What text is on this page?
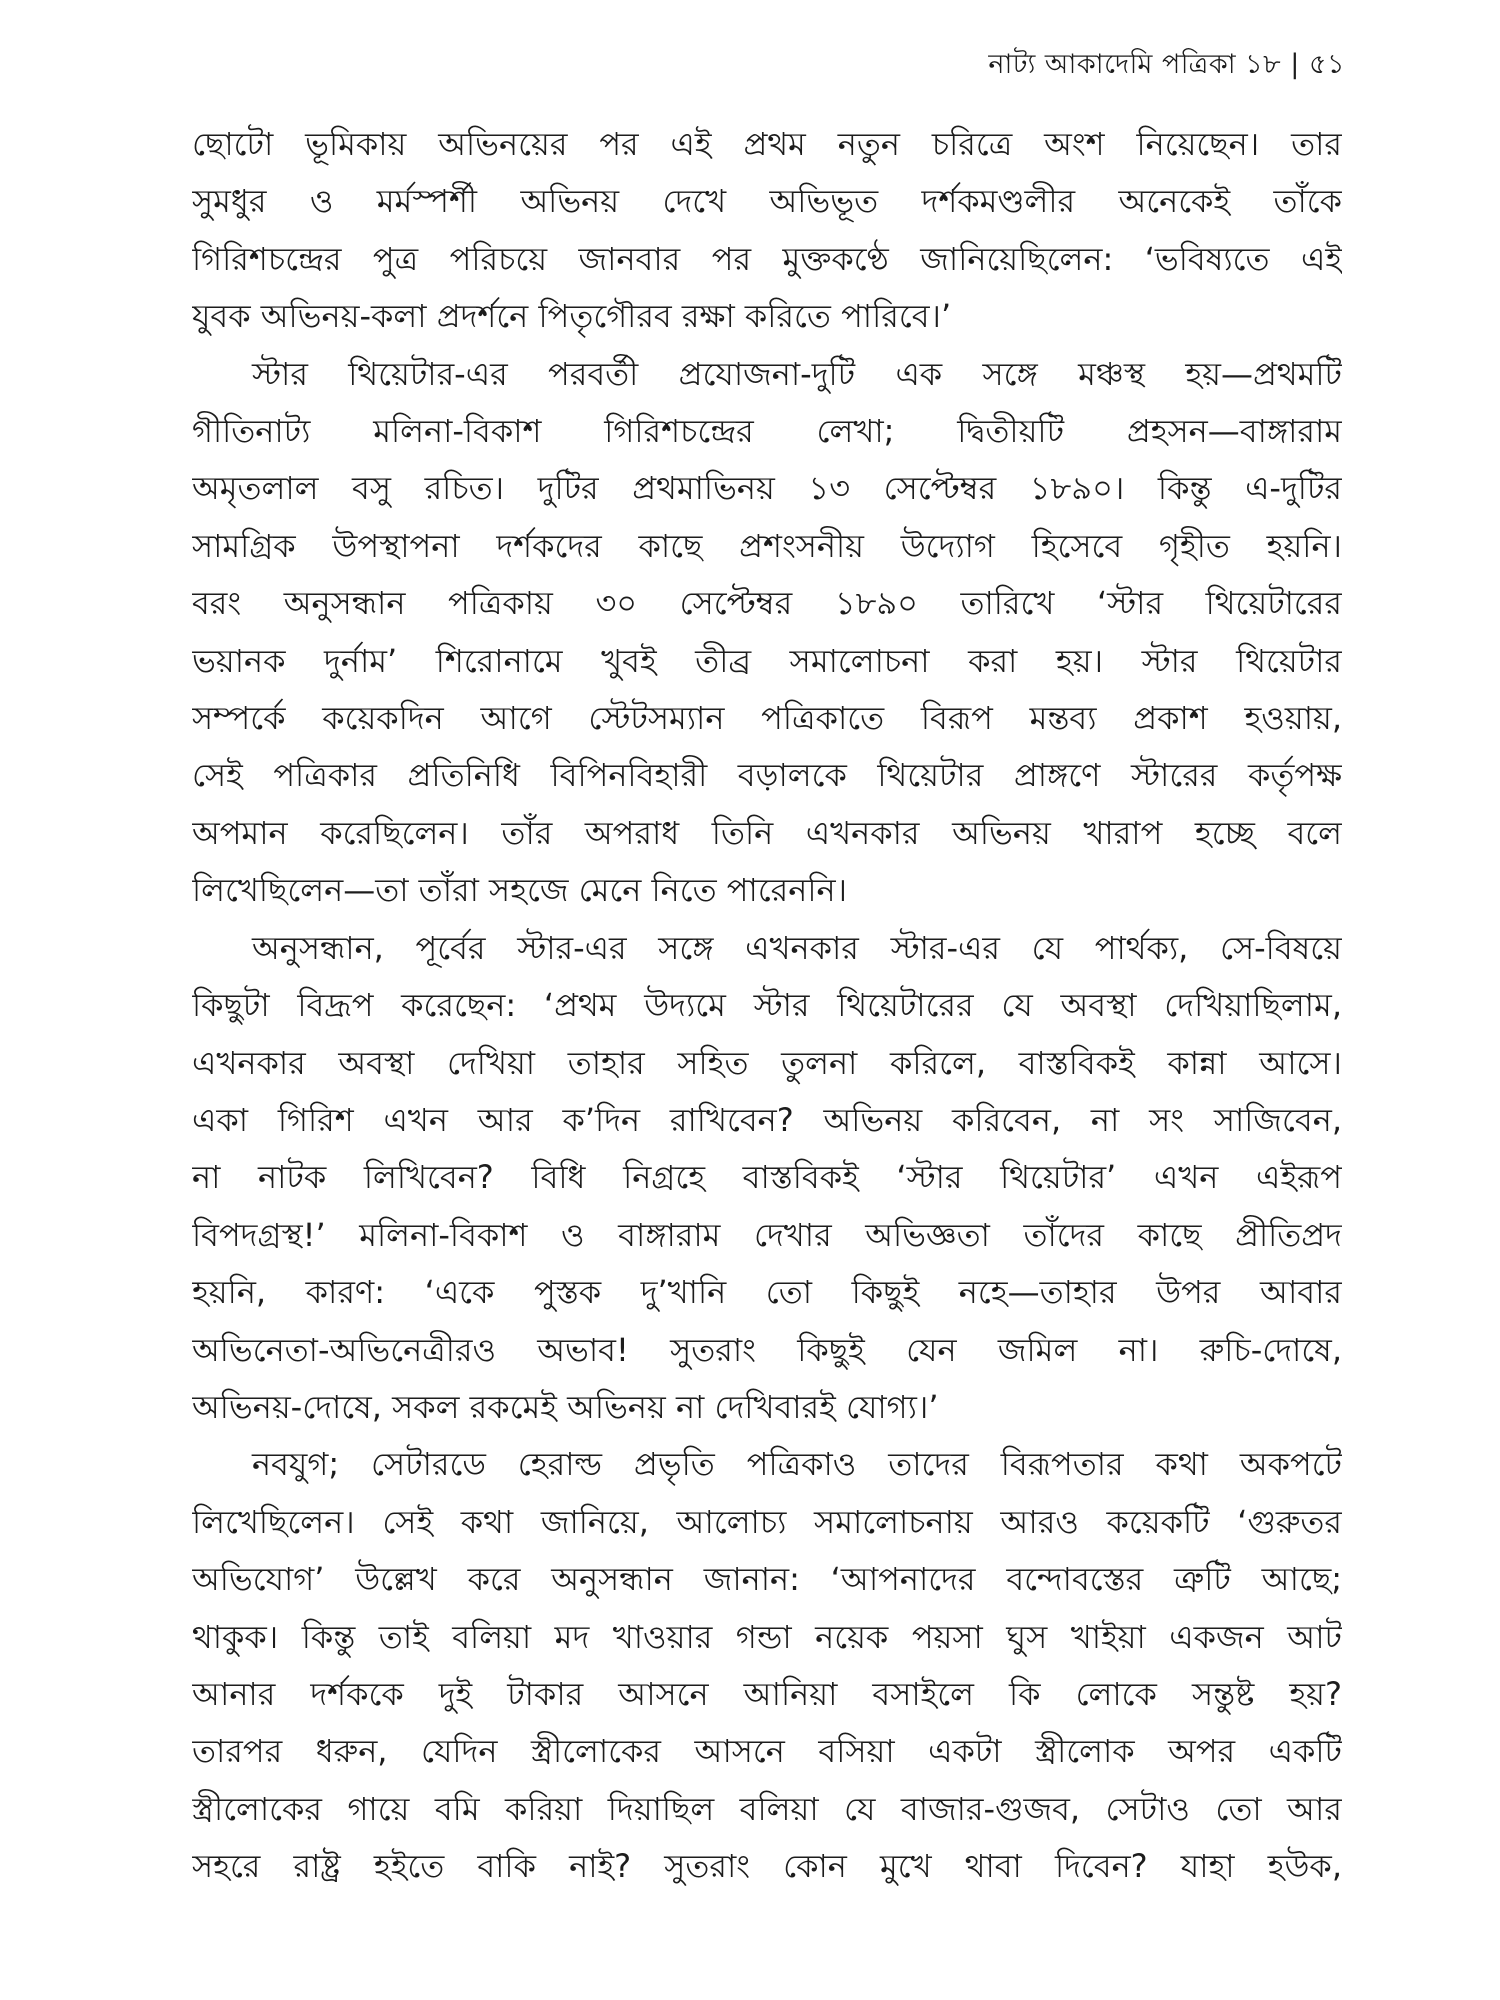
নাট্য আকাদেমি পত্রিকা ১৮ | ৫১
ছোটো ভূমিকায় অভিনয়ের পর এই প্রথম নতুন চরিত্রে অংশ নিয়েছেন। তার
সুমধুর ও মর্মস্পর্শী অভিনয় দেখে অভিভূত দর্শকমণ্ডলীর অনেকেই তাঁকে
গিরিশচন্দ্রের পুত্র পরিচয়ে জানবার পর মুক্তকণ্ঠে জানিয়েছিলেন: ‘ভবিষ্যতে এই
যুবক অভিনয়-কলা প্রদর্শনে পিতৃগৌরব রক্ষা করিতে পারিবে।’
স্টার থিয়েটার-এর পরবর্তী প্রযোজনা-দুটি এক সঙ্গে মঞ্চস্থ হয়—প্রথমটি
গীতিনাট্য মলিনা-বিকাশ গিরিশচন্দ্রের লেখা; দ্বিতীয়টি প্রহসন—বাঙ্গারাম
অমৃতলাল বসু রচিত। দুটির প্রথমাভিনয় ১৩ সেপ্টেম্বর ১৮৯০। কিন্তু এ-দুটির
সামগ্রিক উপস্থাপনা দর্শকদের কাছে প্রশংসনীয় উদ্যোগ হিসেবে গৃহীত হয়নি।
বরং অনুসন্ধান পত্রিকায় ৩০ সেপ্টেম্বর ১৮৯০ তারিখে ‘স্টার থিয়েটারের
ভয়ানক দুর্নাম’ শিরোনামে খুবই তীব্র সমালোচনা করা হয়। স্টার থিয়েটার
সম্পর্কে কয়েকদিন আগে স্টেটসম্যান পত্রিকাতে বিরূপ মন্তব্য প্রকাশ হওয়ায়,
সেই পত্রিকার প্রতিনিধি বিপিনবিহারী বড়ালকে থিয়েটার প্রাঙ্গণে স্টারের কর্তৃপক্ষ
অপমান করেছিলেন। তাঁর অপরাধ তিনি এখনকার অভিনয় খারাপ হচ্ছে বলে
লিখেছিলেন—তা তাঁরা সহজে মেনে নিতে পারেননি।
অনুসন্ধান, পূর্বের স্টার-এর সঙ্গে এখনকার স্টার-এর যে পার্থক্য, সে-বিষয়ে
কিছুটা বিদ্রূপ করেছেন: ‘প্রথম উদ্যমে স্টার থিয়েটারের যে অবস্থা দেখিয়াছিলাম,
এখনকার অবস্থা দেখিয়া তাহার সহিত তুলনা করিলে, বাস্তবিকই কান্না আসে।
একা গিরিশ এখন আর ক’দিন রাখিবেন? অভিনয় করিবেন, না সং সাজিবেন,
না নাটক লিখিবেন? বিধি নিগ্রহে বাস্তবিকই ‘স্টার থিয়েটার’ এখন এইরূপ
বিপদগ্রস্থ!’ মলিনা-বিকাশ ও বাঙ্গারাম দেখার অভিজ্ঞতা তাঁদের কাছে প্রীতিপ্রদ
হয়নি, কারণ: ‘একে পুস্তক দু’খানি তো কিছুই নহে—তাহার উপর আবার
অভিনেতা-অভিনেত্রীরও অভাব! সুতরাং কিছুই যেন জমিল না। রুচি-দোষে,
অভিনয়-দোষে, সকল রকমেই অভিনয় না দেখিবারই যোগ্য।’
নবযুগ; সেটারডে হেরাল্ড প্রভৃতি পত্রিকাও তাদের বিরূপতার কথা অকপটে
লিখেছিলেন। সেই কথা জানিয়ে, আলোচ্য সমালোচনায় আরও কয়েকটি ‘গুরুতর
অভিযোগ’ উল্লেখ করে অনুসন্ধান জানান: ‘আপনাদের বন্দোবস্তের ত্রুটি আছে;
থাকুক। কিন্তু তাই বলিয়া মদ খাওয়ার গন্ডা নয়েক পয়সা ঘুস খাইয়া একজন আট
আনার দর্শককে দুই টাকার আসনে আনিয়া বসাইলে কি লোকে সন্তুষ্ট হয়?
তারপর ধরুন, যেদিন স্ত্রীলোকের আসনে বসিয়া একটা স্ত্রীলোক অপর একটি
স্ত্রীলোকের গায়ে বমি করিয়া দিয়াছিল বলিয়া যে বাজার-গুজব, সেটাও তো আর
সহরে রাষ্ট্র হইতে বাকি নাই? সুতরাং কোন মুখে থাবা দিবেন? যাহা হউক,
